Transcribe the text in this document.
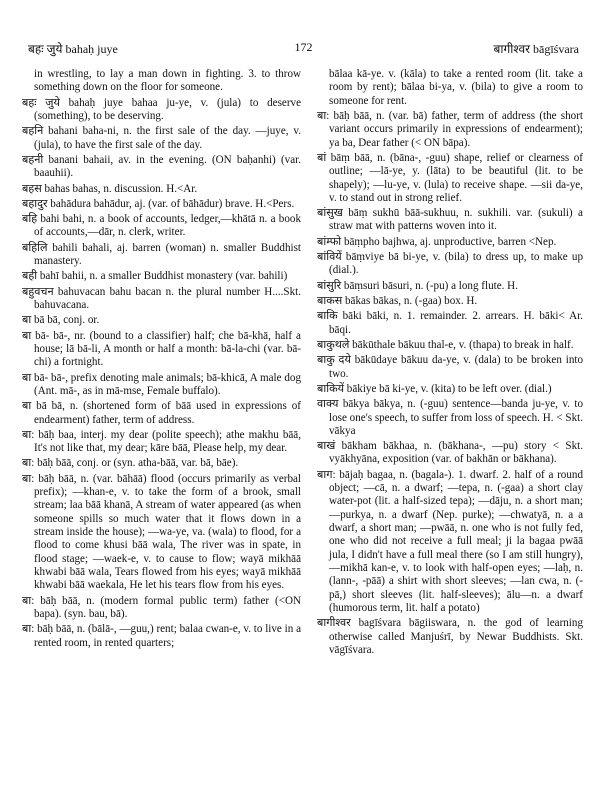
बहः जुये bahaḥ juye	172	बागीश्वर bāgīśvara

in wrestling, to lay a man down in fighting. 3. to throw something down on the floor for someone.

बहः जुये bahaḥ juye bahaa ju-ye, v. (jula) to deserve (something), to be deserving.

बहनि bahani baha-ni, n. the first sale of the day. —juye, v. (jula), to have the first sale of the day.

बहनी banani bahaii, av. in the evening. (ON baḥanhi) (var. baauhii).

बहस bahas bahas, n. discussion. H.<Ar.

बहादुर bahādura bahādur, aj. (var. of bāhādur) brave. H.<Pers.

बहि bahi bahi, n. a book of accounts, ledger,—khātā n. a book of accounts,—dār, n. clerk, writer.

बहिलि bahili bahali, aj. barren (woman) n. smaller Buddhist manastery.

बही bahī bahii, n. a smaller Buddhist monastery (var. bahili)

बहुवचन bahuvacan bahu bacan n. the plural number H....Skt. bahuvacana.

बा bā bā, conj. or.

बा bā- bā-, nr. (bound to a classifier) half; che bā-khā, half a house; lā bā-li, A month or half a month: bā-la-chi (var. bā-chi) a fortnight.

बा bā- bā-, prefix denoting male animals; bā-khicā, A male dog (Ant. mā-, as in mā-mse, Female buffalo).

बा bā bā, n. (shortened form of bāā used in expressions of endearment) father, term of address.

बा: bāḥ baa, interj. my dear (polite speech); athe makhu bāā, It's not like that, my dear; kāre bāā, Please help, my dear.

बा: bāḥ bāā, conj. or (syn. atha-bāā, var. bā, bāe).

बा: bāḥ bāā, n. (var. bāhāā) flood (occurs primarily as verbal prefix); —khan-e, v. to take the form of a brook, small stream; laa bāā khanā, A stream of water appeared (as when someone spills so much water that it flows down in a stream inside the house); —wa-ye, va. (wala) to flood, for a flood to come khusi bāā wala, The river was in spate, in flood stage; —waek-e, v. to cause to flow; wayā mikhāā khwabi bāā wala, Tears flowed from his eyes; wayā mikhāā khwabi bāā waekala, He let his tears flow from his eyes.

बा: bāḥ bāā, n. (modern formal public term) father (<ON bapa). (syn. bau, bā).

बा: bāḥ bāā, n. (bālā-, —guu,) rent; balaa cwan-e, v. to live in a rented room, in rented quarters;

bālaa kā-ye. v. (kāla) to take a rented room (lit. take a room by rent); bālaa bi-ya, v. (bila) to give a room to someone for rent.

बा: bāḥ bāā, n. (var. bā) father, term of address (the short variant occurs primarily in expressions of endearment); ya ba, Dear father (< ON bāpa).

बां bāṃ bāā, n. (bāna-, -guu) shape, relief or clearness of outline; —lā-ye, y. (lāta) to be beautiful (lit. to be shapely); —lu-ye, v. (lula) to receive shape. —sii da-ye, v. to stand out in strong relief.

बांसुख bāṃ sukhū bāā-sukhuu, n. sukhili. var. (sukuli) a straw mat with patterns woven into it.

बांम्फो bāṃpho bajhwa, aj. unproductive, barren <Nep.

बांवियें bāṃviye bā bi-ye, v. (bila) to dress up, to make up (dial.).

बांसुरि bāṃsuri bāsuri, n. (-pu) a long flute. H.

बाकस bākas bākas, n. (-gaa) box. H.

बाकि bāki bāki, n. 1. remainder. 2. arrears. H. bāki< Ar. bāqi.

बाकुथले bākūthale bākuu thal-e, v. (thapa) to break in half.

बाकु दये bākūdaye bākuu da-ye, v. (dala) to be broken into two.

बाकियें bākiye bā ki-ye, v. (kita) to be left over. (dial.)

वाक्य bākya bākya, n. (-guu) sentence—banda ju-ye, v. to lose one's speech, to suffer from loss of speech. H. < Skt. vākya

बाखं bākham bākhaa, n. (bākhana-, —pu) story < Skt. vyākhyāna, exposition (var. of bakhān or bākhana).

बाग: bājaḥ bagaa, n. (bagala-). 1. dwarf. 2. half of a round object; —cā, n. a dwarf; —tepa, n. (-gaa) a short clay water-pot (lit. a half-sized tepa); —dāju, n. a short man; —purkya, n. a dwarf (Nep. purke); —chwatyā, n. a a dwarf, a short man; —pwāā, n. one who is not fully fed, one who did not receive a full meal; ji la bagaa pwāā jula, I didn't have a full meal there (so I am still hungry), —mikhā kan-e, v. to look with half-open eyes; —laḥ, n. (lann-, -pāā) a shirt with short sleeves; —lan cwa, n. (-pā,) short sleeves (lit. half-sleeves); ālu—n. a dwarf (humorous term, lit. half a potato)

बागीश्वर bagīśvara bāgiiswara, n. the god of learning otherwise called Manjuśrī, by Newar Buddhists. Skt. vāgīśvara.
